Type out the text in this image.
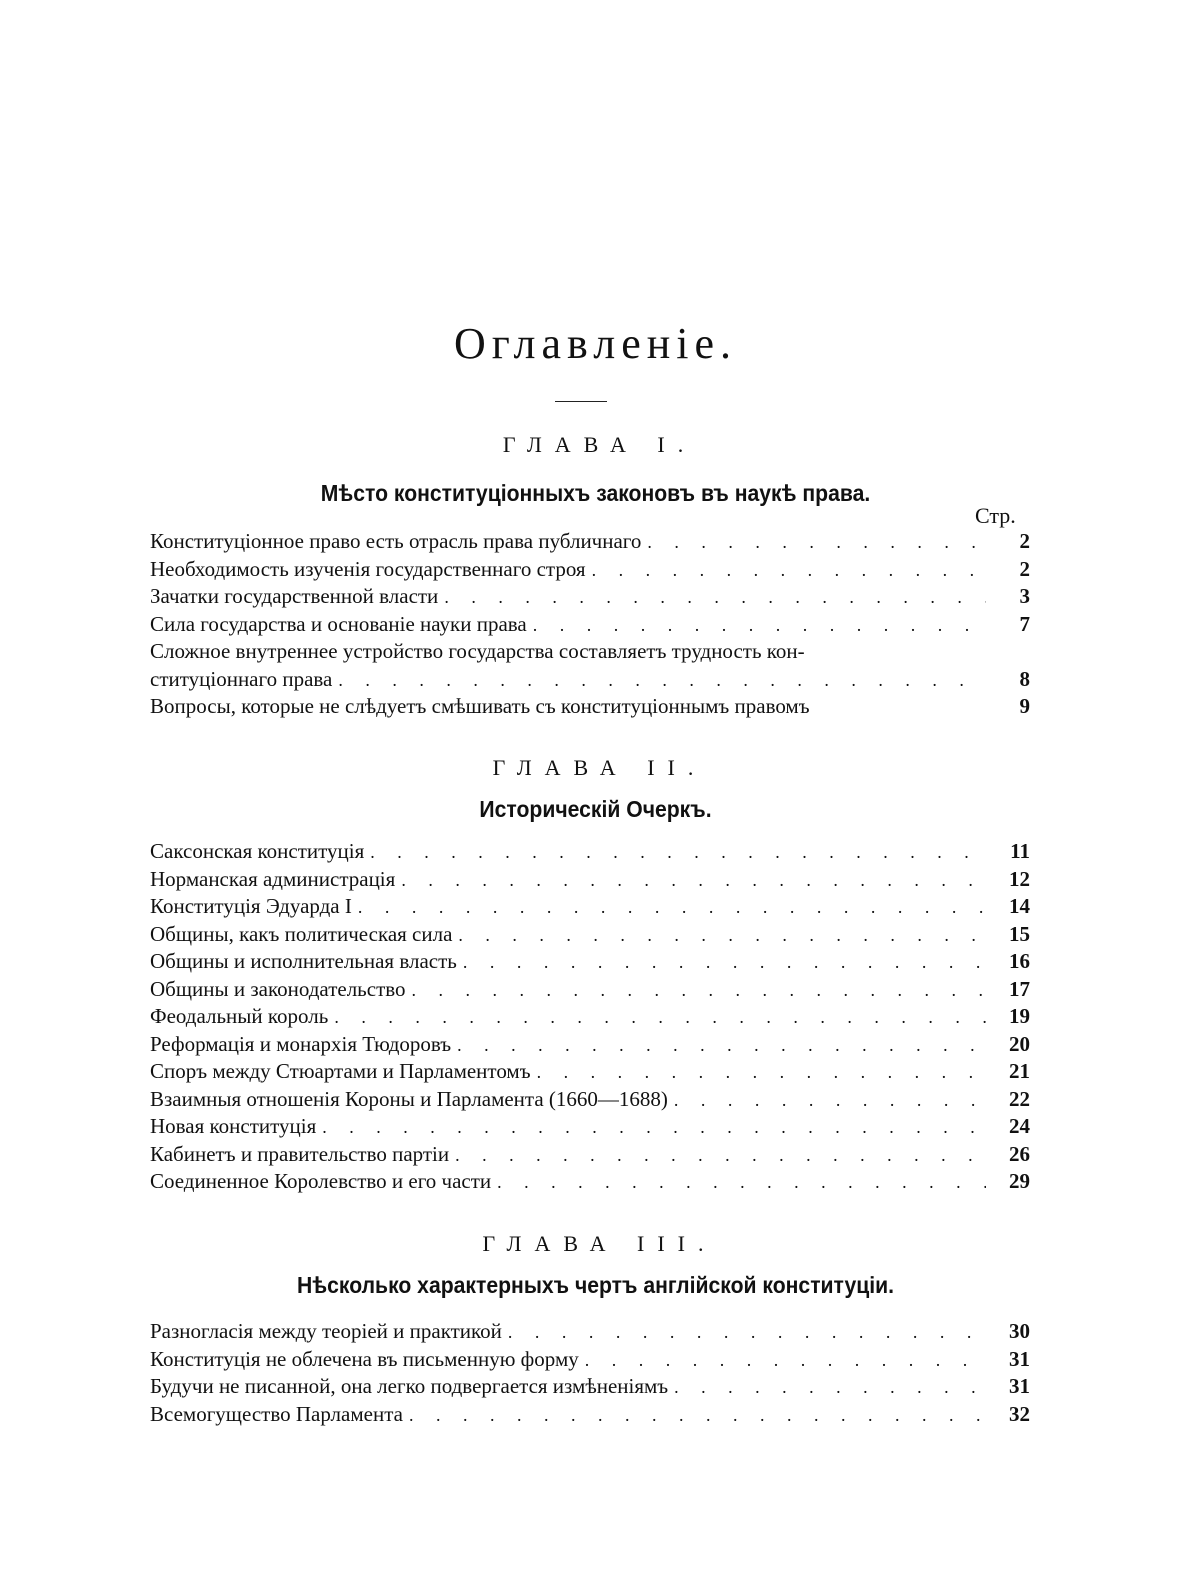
Оглавленіе.
ГЛАВА I.
Мѣсто конституціонныхъ законовъ въ наукѣ права.
Стр.
Конституціонное право есть отрасль права публичнаго . . .	2
Необходимость изученія государственнаго строя . . .	2
Зачатки государственной власти . . .	3
Сила государства и основаніе науки права . . .	7
Сложное внутреннее устройство государства составляетъ трудность кон-
ституціоннаго права . . .	8
Вопросы, которые не слѣдуетъ смѣшивать съ конституціоннымъ правомъ	9
ГЛАВА II.
Историческій Очеркъ.
Саксонская конституція . . .	11
Норманская администрація . . .	12
Конституція Эдуарда I . . .	14
Общины, какъ политическая сила . . .	15
Общины и исполнительная власть . . .	16
Общины и законодательство . . .	17
Феодальный король . . .	19
Реформація и монархія Тюдоровъ . . .	20
Споръ между Стюартами и Парламентомъ . . .	21
Взаимныя отношенія Короны и Парламента (1660—1688) . . .	22
Новая конституція . . .	24
Кабинетъ и правительство партіи . . .	26
Соединенное Королевство и его части . . .	29
ГЛАВА III.
Нѣсколько характерныхъ чертъ англійской конституціи.
Разногласія между теоріей и практикой . . .	30
Конституція не облечена въ письменную форму . . .	31
Будучи не писанной, она легко подвергается измѣненіямъ . . .	31
Всемогущество Парламента . . .	32
